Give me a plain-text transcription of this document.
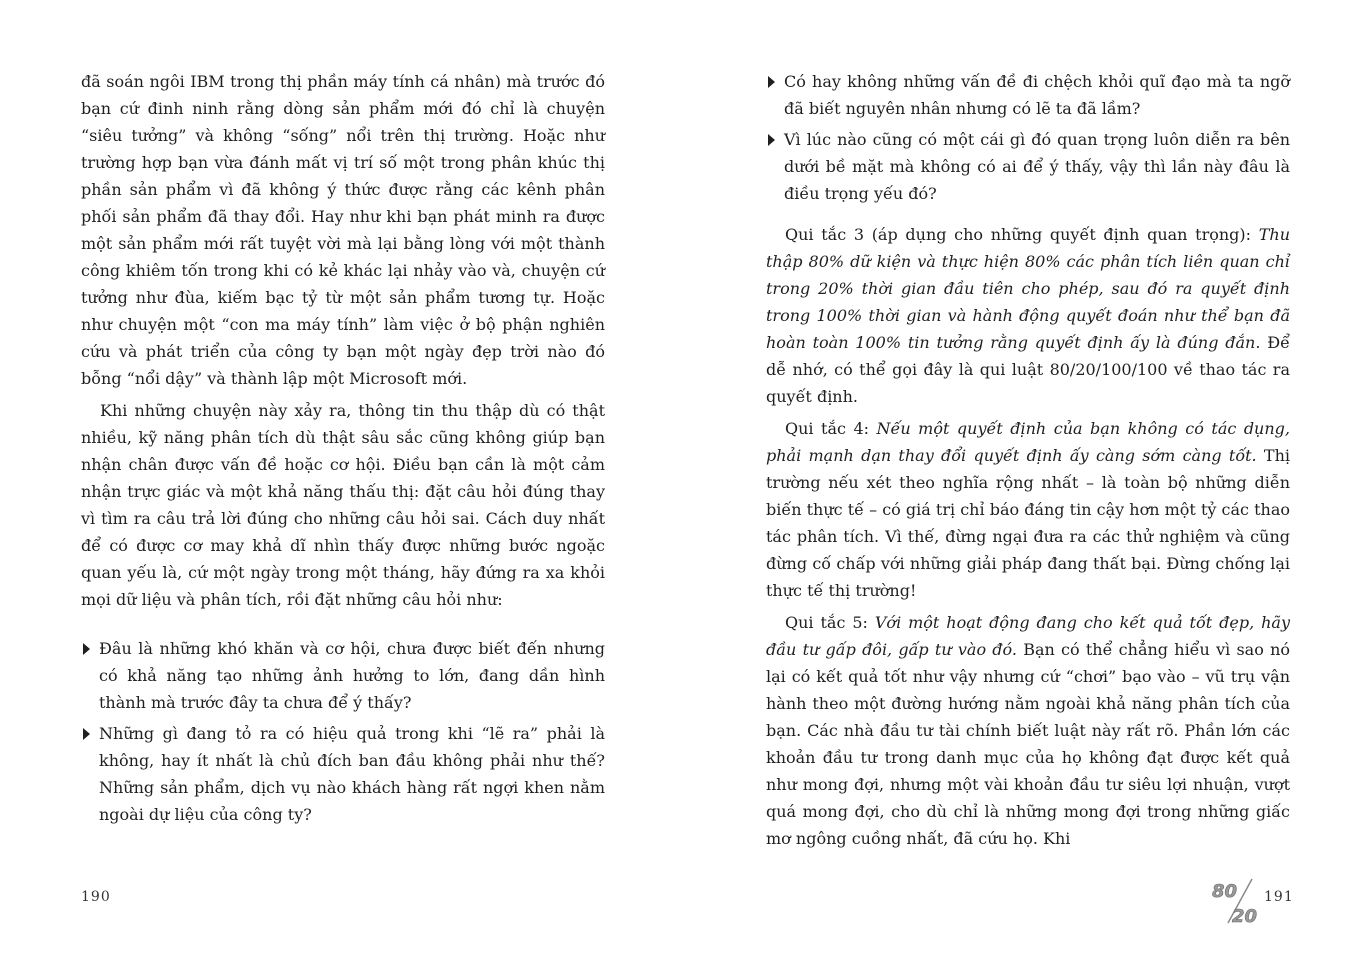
đã soán ngôi IBM trong thị phần máy tính cá nhân) mà trước đó bạn cứ đinh ninh rằng dòng sản phẩm mới đó chỉ là chuyện “siêu tưởng” và không “sống” nổi trên thị trường. Hoặc như trường hợp bạn vừa đánh mất vị trí số một trong phân khúc thị phần sản phẩm vì đã không ý thức được rằng các kênh phân phối sản phẩm đã thay đổi. Hay như khi bạn phát minh ra được một sản phẩm mới rất tuyệt vời mà lại bằng lòng với một thành công khiêm tốn trong khi có kẻ khác lại nhảy vào và, chuyện cứ tưởng như đùa, kiếm bạc tỷ từ một sản phẩm tương tự. Hoặc như chuyện một “con ma máy tính” làm việc ở bộ phận nghiên cứu và phát triển của công ty bạn một ngày đẹp trời nào đó bỗng “nổi dậy” và thành lập một Microsoft mới.

Khi những chuyện này xảy ra, thông tin thu thập dù có thật nhiều, kỹ năng phân tích dù thật sâu sắc cũng không giúp bạn nhận chân được vấn đề hoặc cơ hội. Điều bạn cần là một cảm nhận trực giác và một khả năng thấu thị: đặt câu hỏi đúng thay vì tìm ra câu trả lời đúng cho những câu hỏi sai. Cách duy nhất để có được cơ may khả dĩ nhìn thấy được những bước ngoặc quan yếu là, cứ một ngày trong một tháng, hãy đứng ra xa khỏi mọi dữ liệu và phân tích, rồi đặt những câu hỏi như:

Đâu là những khó khăn và cơ hội, chưa được biết đến nhưng có khả năng tạo những ảnh hưởng to lớn, đang dần hình thành mà trước đây ta chưa để ý thấy?

Những gì đang tỏ ra có hiệu quả trong khi “lẽ ra” phải là không, hay ít nhất là chủ đích ban đầu không phải như thế? Những sản phẩm, dịch vụ nào khách hàng rất ngợi khen nằm ngoài dự liệu của công ty?

Có hay không những vấn đề đi chệch khỏi quĩ đạo mà ta ngỡ đã biết nguyên nhân nhưng có lẽ ta đã lầm?

Vì lúc nào cũng có một cái gì đó quan trọng luôn diễn ra bên dưới bề mặt mà không có ai để ý thấy, vậy thì lần này đâu là điều trọng yếu đó?

Qui tắc 3 (áp dụng cho những quyết định quan trọng): Thu thập 80% dữ kiện và thực hiện 80% các phân tích liên quan chỉ trong 20% thời gian đầu tiên cho phép, sau đó ra quyết định trong 100% thời gian và hành động quyết đoán như thể bạn đã hoàn toàn 100% tin tưởng rằng quyết định ấy là đúng đắn. Để dễ nhớ, có thể gọi đây là qui luật 80/20/100/100 về thao tác ra quyết định.

Qui tắc 4: Nếu một quyết định của bạn không có tác dụng, phải mạnh dạn thay đổi quyết định ấy càng sớm càng tốt. Thị trường nếu xét theo nghĩa rộng nhất – là toàn bộ những diễn biến thực tế – có giá trị chỉ báo đáng tin cậy hơn một tỷ các thao tác phân tích. Vì thế, đừng ngại đưa ra các thử nghiệm và cũng đừng cố chấp với những giải pháp đang thất bại. Đừng chống lại thực tế thị trường!

Qui tắc 5: Với một hoạt động đang cho kết quả tốt đẹp, hãy đầu tư gấp đôi, gấp tư vào đó. Bạn có thể chẳng hiểu vì sao nó lại có kết quả tốt như vậy nhưng cứ “chơi” bạo vào – vũ trụ vận hành theo một đường hướng nằm ngoài khả năng phân tích của bạn. Các nhà đầu tư tài chính biết luật này rất rõ. Phần lớn các khoản đầu tư trong danh mục của họ không đạt được kết quả như mong đợi, nhưng một vài khoản đầu tư siêu lợi nhuận, vượt quá mong đợi, cho dù chỉ là những mong đợi trong những giấc mơ ngông cuồng nhất, đã cứu họ. Khi

190	80
20
191
